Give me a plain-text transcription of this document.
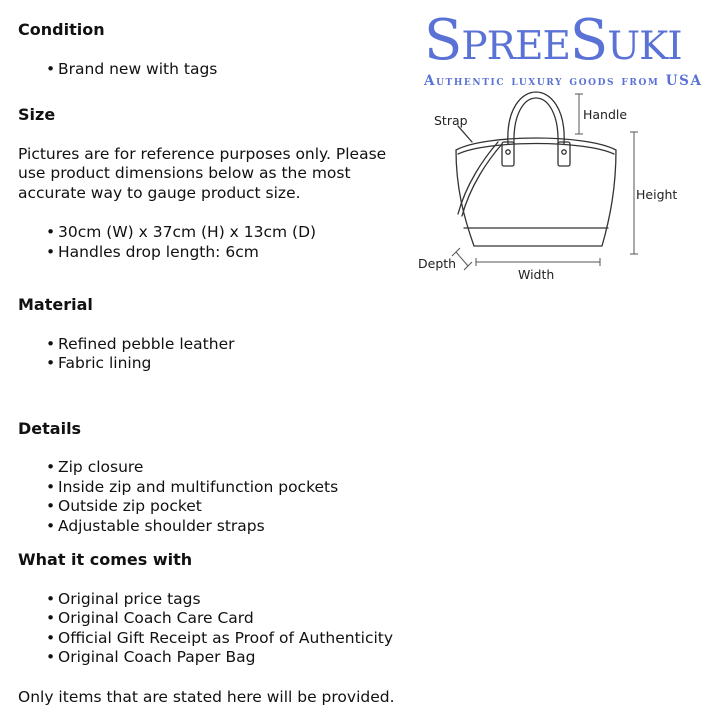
Condition
• Brand new with tags
Size

Pictures are for reference purposes only. Please use product dimensions below as the most accurate way to gauge product size.

• 30cm (W) x 37cm (H) x 13cm (D)
• Handles drop length: 6cm
Material
• Refined pebble leather
• Fabric lining
Details
• Zip closure
• Inside zip and multifunction pockets
• Outside zip pocket
• Adjustable shoulder straps
What it comes with
• Original price tags
• Original Coach Care Card
• Official Gift Receipt as Proof of Authenticity
• Original Coach Paper Bag

Only items that are stated here will be provided.

SpreeSuki
Authentic luxury goods from USA
Strap	Handle
Height
Depth
Width
